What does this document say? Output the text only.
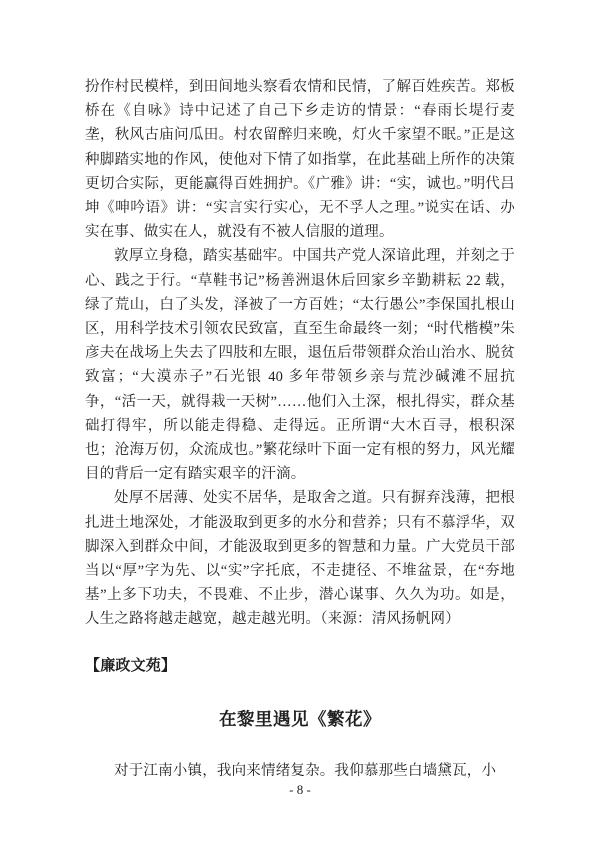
扮作村民模样，到田间地头察看农情和民情，了解百姓疾苦。郑板桥在《自咏》诗中记述了自己下乡走访的情景：“春雨长堤行麦垄，秋风古庙问瓜田。村农留醉归来晚，灯火千家望不眠。”正是这种脚踏实地的作风，使他对下情了如指掌，在此基础上所作的决策更切合实际，更能赢得百姓拥护。《广雅》讲：“实，诚也。”明代吕坤《呻吟语》讲：“实言实行实心，无不孚人之理。”说实在话、办实在事、做实在人，就没有不被人信服的道理。

敦厚立身稳，踏实基础牢。中国共产党人深谙此理，并刻之于心、践之于行。“草鞋书记”杨善洲退休后回家乡辛勤耕耘 22 载，绿了荒山，白了头发，泽被了一方百姓；“太行愚公”李保国扎根山区，用科学技术引领农民致富，直至生命最终一刻；“时代楷模”朱彦夫在战场上失去了四肢和左眼，退伍后带领群众治山治水、脱贫致富；“大漠赤子”石光银 40 多年带领乡亲与荒沙碱滩不屈抗争，“活一天，就得栽一天树”……他们入土深，根扎得实，群众基础打得牢，所以能走得稳、走得远。正所谓“大木百寻，根积深也；沧海万仞，众流成也。”繁花绿叶下面一定有根的努力，风光耀目的背后一定有踏实艰辛的汗滴。

处厚不居薄、处实不居华，是取舍之道。只有摒弃浅薄，把根扎进土地深处，才能汲取到更多的水分和营养；只有不慕浮华，双脚深入到群众中间，才能汲取到更多的智慧和力量。广大党员干部当以“厚”字为先、以“实”字托底，不走捷径、不堆盆景，在“夯地基”上多下功夫，不畏难、不止步，潜心谋事、久久为功。如是，人生之路将越走越宽，越走越光明。（来源：清风扬帆网）

【廉政文苑】
在黎里遇见《繁花》

对于江南小镇，我向来情绪复杂。我仰慕那些白墙黛瓦，小

- 8 -
